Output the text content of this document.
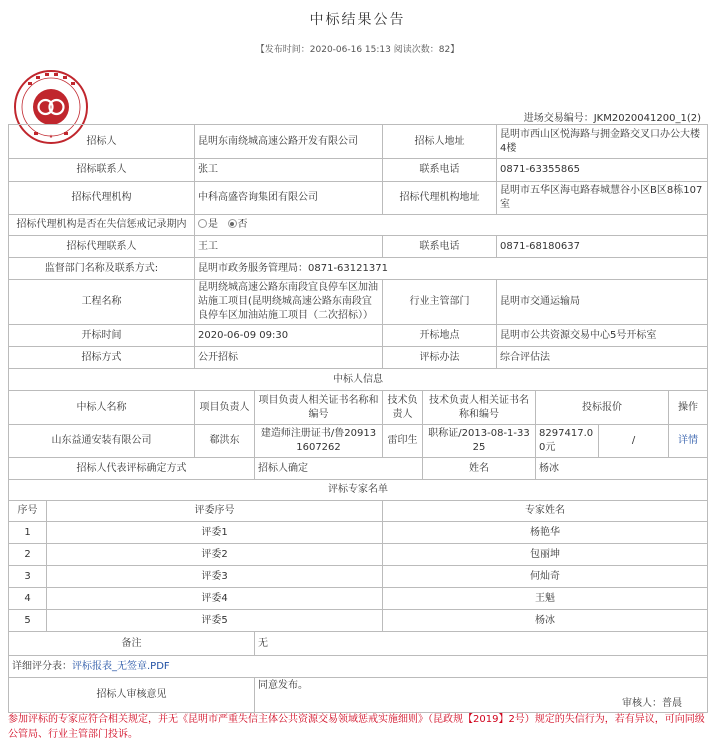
中标结果公告
【发布时间：2020-06-16 15:13 阅读次数：82】
★
进场交易编号：JKM2020041200_1(2)
招标人		昆明东南绕城高速公路开发有限公司		招标人地址		昆明市西山区悦海路与拥金路交叉口办公大楼4楼			
招标联系人		张工		联系电话		0871-63355865			
招标代理机构		中科高盛咨询集团有限公司		招标代理机构地址		昆明市五华区海屯路春城慧谷小区B区8栋107室			
招标代理机构是否在失信惩戒记录期内		是 否							
招标代理联系人		王工		联系电话		0871-68180637			
监督部门名称及联系方式:		昆明市政务服务管理局：0871-63121371							
工程名称		昆明绕城高速公路东南段宜良停车区加油站施工项目(昆明绕城高速公路东南段宜良停车区加油站施工项目（二次招标））		行业主管部门		昆明市交通运输局			
开标时间		2020-06-09 09:30		开标地点		昆明市公共资源交易中心5号开标室			
招标方式		公开招标		评标办法		综合评估法			
中标人信息									
中标人名称		项目负责人	项目负责人相关证书名称和编号	技术负责人	技术负责人相关证书名称和编号		投标报价		操作
山东益通安装有限公司		郗洪东	建造师注册证书/鲁209131607262	雷印生	职称证/2013-08-1-3325		8297417.00元	/	详情
招标人代表评标确定方式			招标人确定		姓名		杨冰		
评标专家名单									
序号	评委序号			专家姓名					
1	评委1			杨艳华					
2	评委2			包丽坤					
3	评委3			何灿奇					
4	评委4			王魁					
5	评委5			杨冰					
备注			无						
详细评分表：评标报表_无签章.PDF									
招标人审核意见			同意发布。
审核人：普晨						
参加评标的专家应符合相关规定，并无《昆明市严重失信主体公共资源交易领域惩戒实施细则》（昆政规【2019】2号）规定的失信行为，若有异议，可向同级公管局、行业主管部门投诉。
